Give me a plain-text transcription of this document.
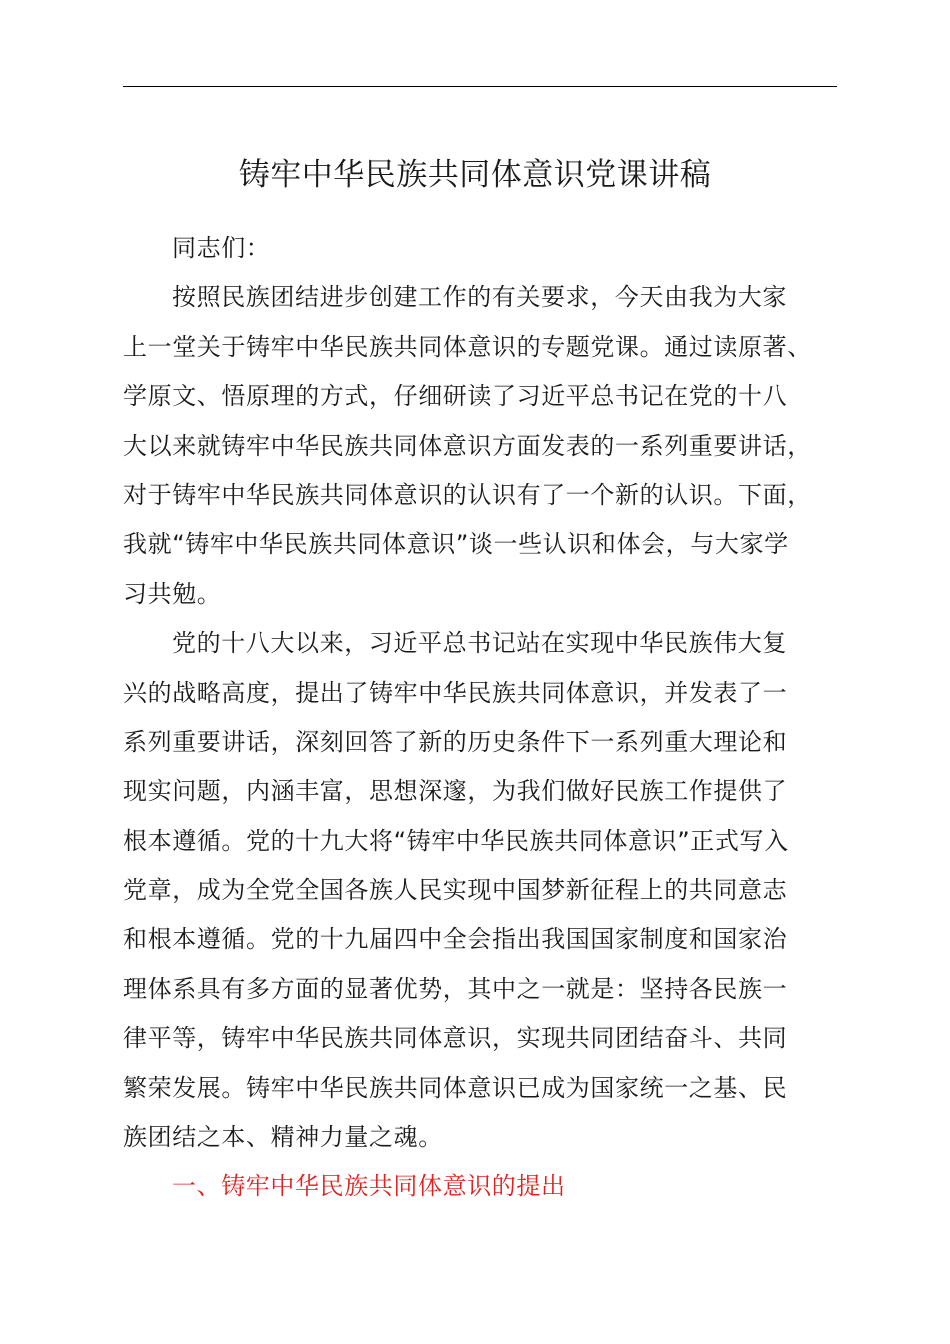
铸牢中华民族共同体意识党课讲稿
同志们：
按照民族团结进步创建工作的有关要求，今天由我为大家
上一堂关于铸牢中华民族共同体意识的专题党课。通过读原著、
学原文、悟原理的方式，仔细研读了习近平总书记在党的十八
大以来就铸牢中华民族共同体意识方面发表的一系列重要讲话，
对于铸牢中华民族共同体意识的认识有了一个新的认识。下面，
我就“铸牢中华民族共同体意识”谈一些认识和体会，与大家学
习共勉。
党的十八大以来，习近平总书记站在实现中华民族伟大复
兴的战略高度，提出了铸牢中华民族共同体意识，并发表了一
系列重要讲话，深刻回答了新的历史条件下一系列重大理论和
现实问题，内涵丰富，思想深邃，为我们做好民族工作提供了
根本遵循。党的十九大将“铸牢中华民族共同体意识”正式写入
党章，成为全党全国各族人民实现中国梦新征程上的共同意志
和根本遵循。党的十九届四中全会指出我国国家制度和国家治
理体系具有多方面的显著优势，其中之一就是：坚持各民族一
律平等，铸牢中华民族共同体意识，实现共同团结奋斗、共同
繁荣发展。铸牢中华民族共同体意识已成为国家统一之基、民
族团结之本、精神力量之魂。
一、铸牢中华民族共同体意识的提出
